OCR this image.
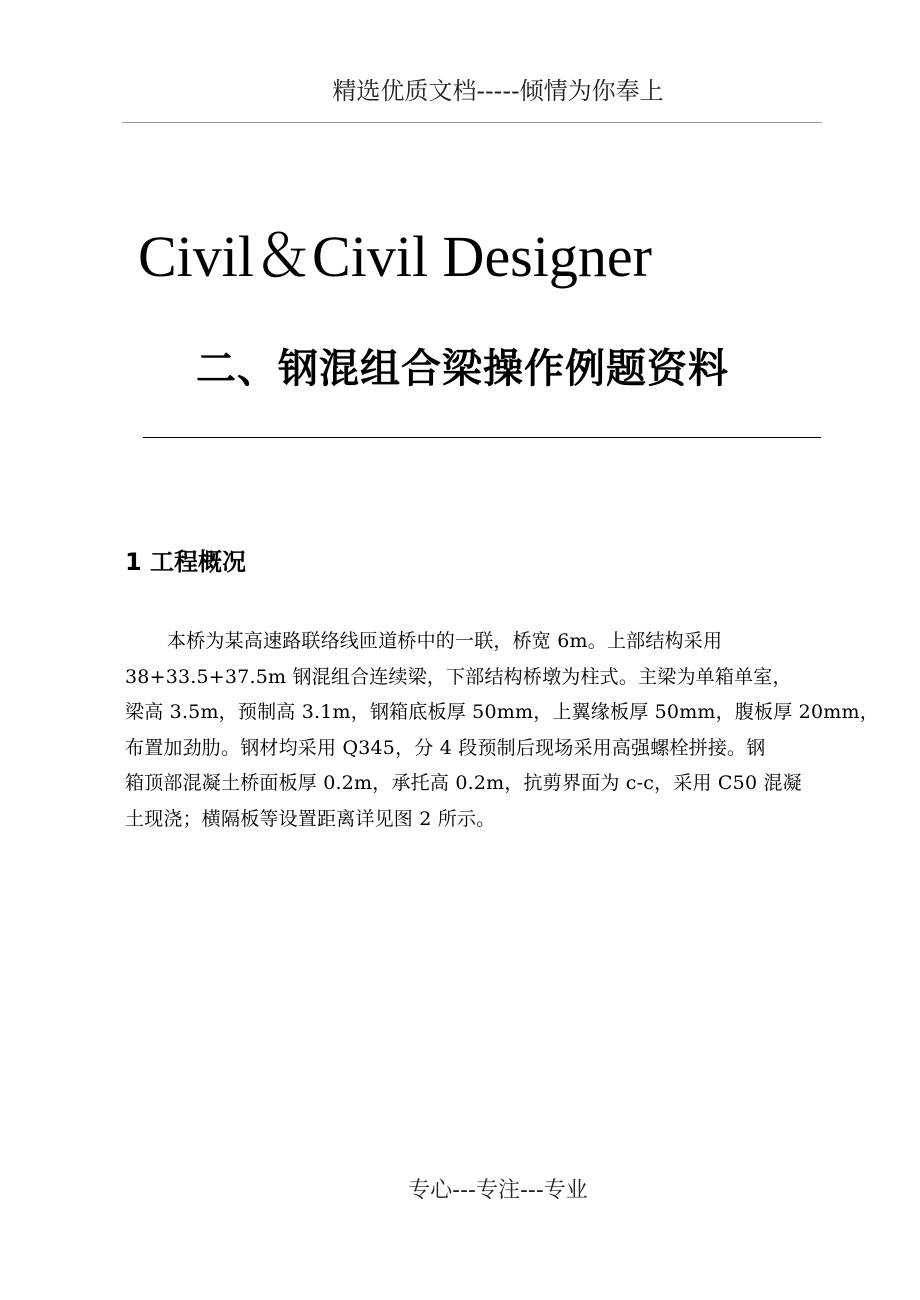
精选优质文档-----倾情为你奉上
Civil＆Civil Designer
二、钢混组合梁操作例题资料
1 工程概况
本桥为某高速路联络线匝道桥中的一联，桥宽 6m。上部结构采用
38+33.5+37.5m 钢混组合连续梁，下部结构桥墩为柱式。主梁为单箱单室，
梁高 3.5m，预制高 3.1m，钢箱底板厚 50mm，上翼缘板厚 50mm，腹板厚 20mm，
布置加劲肋。钢材均采用 Q345，分 4 段预制后现场采用高强螺栓拼接。钢
箱顶部混凝土桥面板厚 0.2m，承托高 0.2m，抗剪界面为 c-c，采用 C50 混凝
土现浇；横隔板等设置距离详见图 2 所示。
专心---专注---专业
